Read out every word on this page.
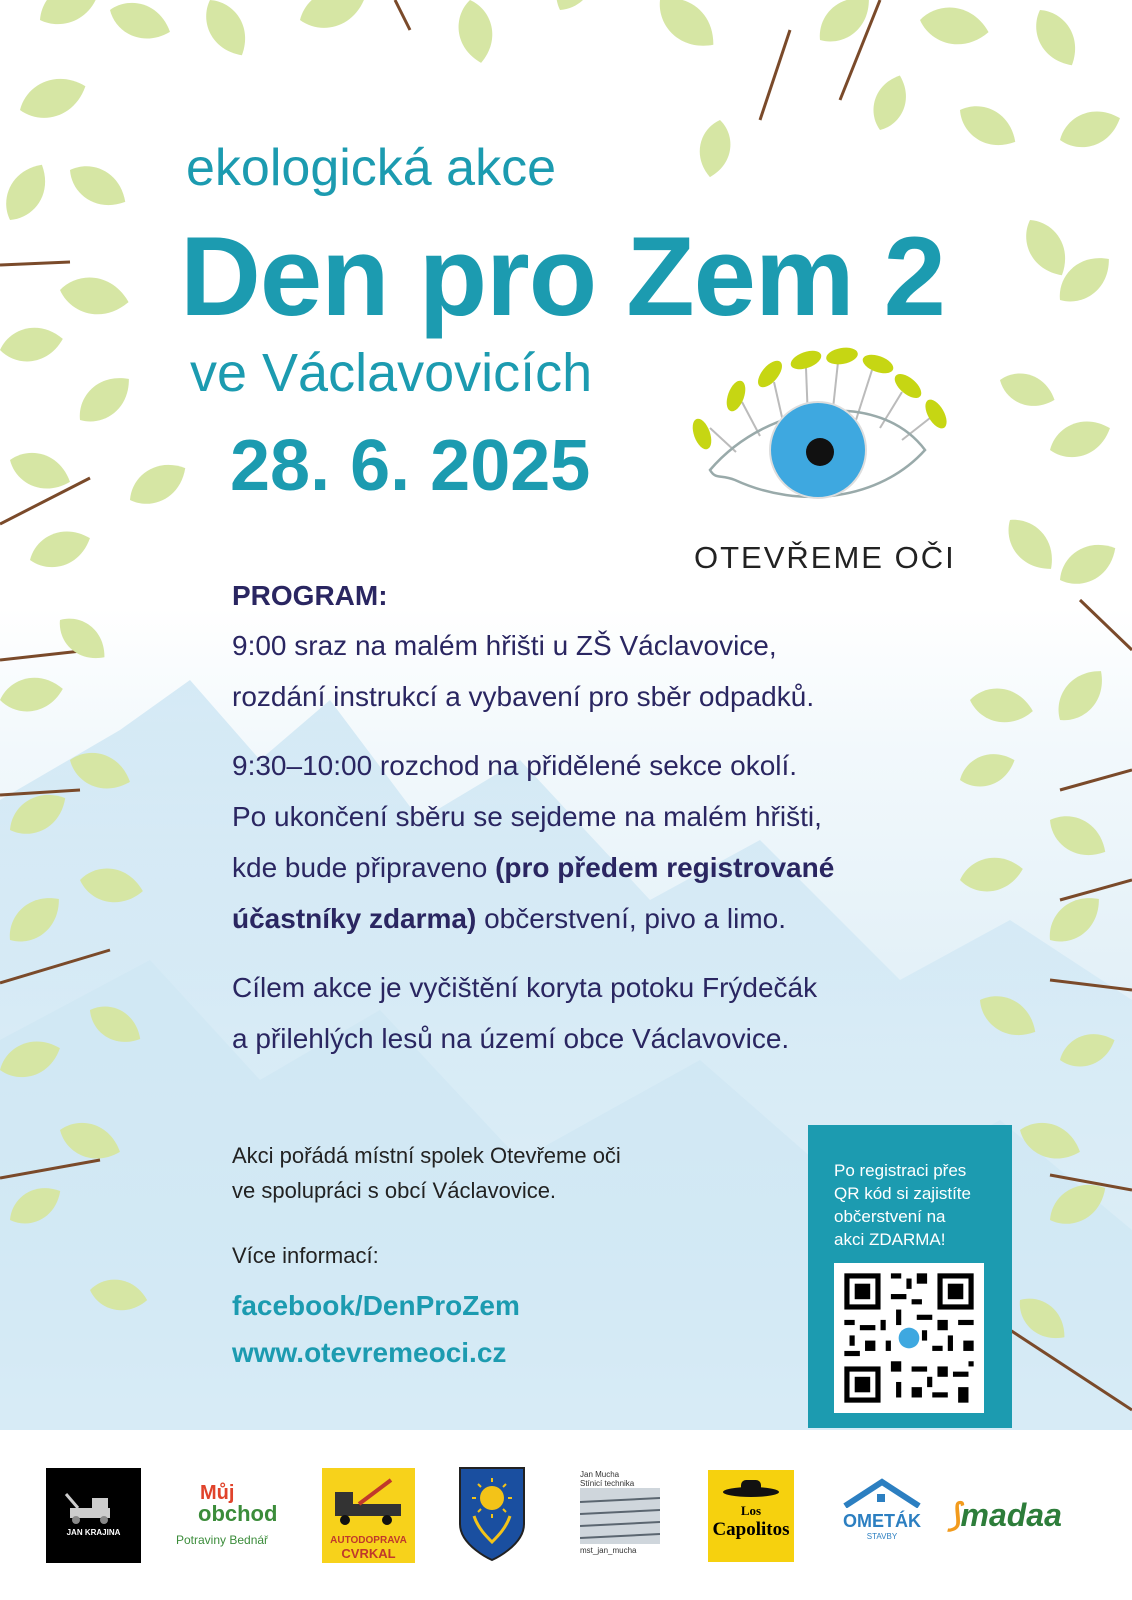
ekologická akce
Den pro Zem 2
ve Václavovicích
28. 6. 2025
OTEVŘEME OČI

PROGRAM:

9:00 sraz na malém hřišti u ZŠ Václavovice,
rozdání instrukcí a vybavení pro sběr odpadků.

9:30–10:00 rozchod na přidělené sekce okolí.
Po ukončení sběru se sejdeme na malém hřišti,
kde bude připraveno (pro předem registrované
účastníky zdarma) občerstvení, pivo a limo.

Cílem akce je vyčištění koryta potoku Frýdečák
a přilehlých lesů na území obce Václavovice.

Akci pořádá místní spolek Otevřeme oči
ve spolupráci s obcí Václavovice.
Více informací:
facebook/DenProZem
www.otevremeoci.cz
Po registraci přes
QR kód si zajistíte
občerstvení na
akci ZDARMA!
JAN KRAJINA
Můj
obchod
Potraviny Bednář	AUTODOPRAVA
CVRKAL
Jan Mucha
Stínicí technika
mst_jan_mucha
Los
Capolitos	OMETÁK
STAVBY
⟆madaa
